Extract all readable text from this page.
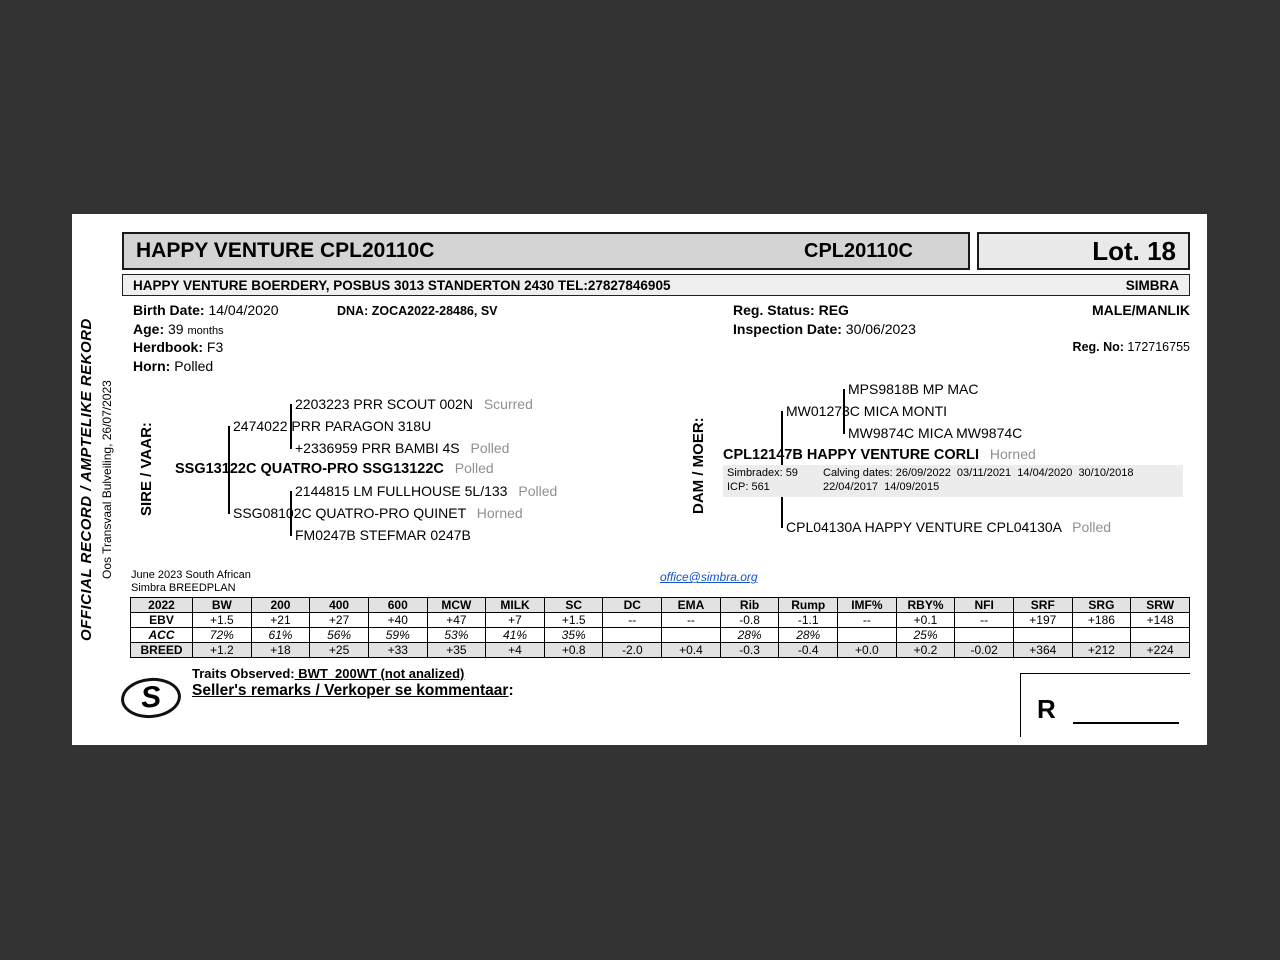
OFFICIAL RECORD / AMPTELIKE REKORD Oos Transvaal Bulveiling, 26/07/2023
HAPPY VENTURE CPL20110C	CPL20110C	Lot. 18
HAPPY VENTURE BOERDERY, POSBUS 3013 STANDERTON 2430 TEL:27827846905	SIMBRA
Birth Date: 14/04/2020	DNA: ZOCA2022-28486, SV
Age: 39 months
Herdbook: F3
Horn: Polled
Reg. Status: REG
Inspection Date: 30/06/2023
MALE/MANLIK
Reg. No: 172716755
SIRE / VAAR:	DAM / MOER:
2203223 PRR SCOUT 002N Scurred
2474022 PRR PARAGON 318U
+2336959 PRR BAMBI 4S Polled
SSG13122C QUATRO-PRO SSG13122C Polled
2144815 LM FULLHOUSE 5L/133 Polled
SSG08102C QUATRO-PRO QUINET Horned
FM0247B STEFMAR 0247B
MPS9818B MP MAC
MW01273C MICA MONTI
MW9874C MICA MW9874C
CPL12147B HAPPY VENTURE CORLI Horned
Simbradex: 59 Calving dates: 26/09/2022  03/11/2021  14/04/2020  30/10/2018
ICP: 561	22/04/2017  14/09/2015
CPL04130A HAPPY VENTURE CPL04130A Polled
June 2023 South African
Simbra BREEDPLAN
office@simbra.org
2022	BW	200	400	600	MCW	MILK	SC	DC	EMA	Rib	Rump	IMF%	RBY%	NFI	SRF	SRG	SRW
EBV	+1.5	+21	+27	+40	+47	+7	+1.5	--	--	-0.8	-1.1	--	+0.1	--	+197	+186	+148
ACC	72%	61%	56%	59%	53%	41%	35%			28%	28%		25%				
BREED	+1.2	+18	+25	+33	+35	+4	+0.8	-2.0	+0.4	-0.3	-0.4	+0.0	+0.2	-0.02	+364	+212	+224
S
Traits Observed: BWT  200WT (not analized)
Seller's remarks / Verkoper se kommentaar:
R
